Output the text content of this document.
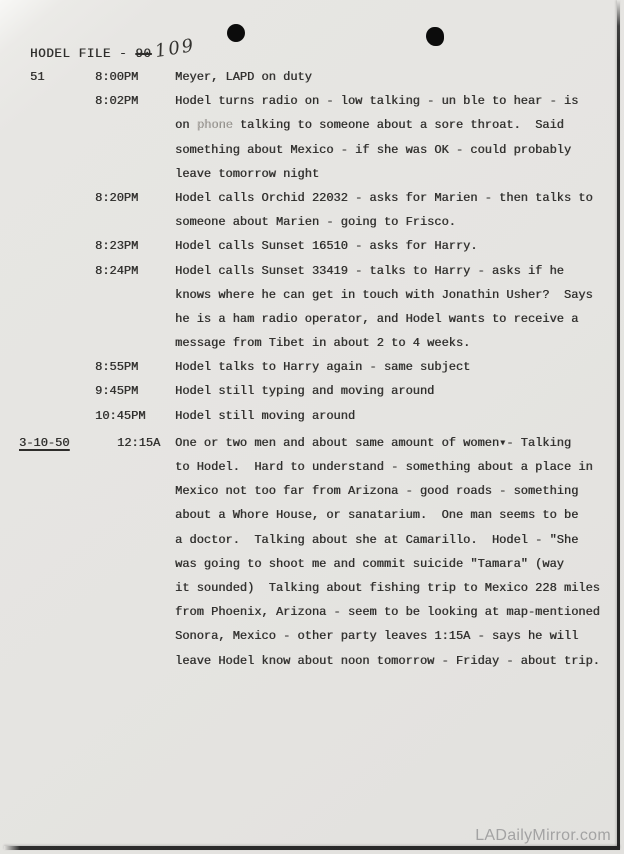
HODEL FILE - 90109
51	8:00PM	Meyer, LAPD on duty
8:02PM	Hodel turns radio on - low talking - un ble to hear - is
on phone talking to someone about a sore throat.  Said
something about Mexico - if she was OK - could probably
leave tomorrow night
8:20PM	Hodel calls Orchid 22032 - asks for Marien - then talks to
someone about Marien - going to Frisco.
8:23PM	Hodel calls Sunset 16510 - asks for Harry.
8:24PM	Hodel calls Sunset 33419 - talks to Harry - asks if he
knows where he can get in touch with Jonathin Usher?  Says
he is a ham radio operator, and Hodel wants to receive a
message from Tibet in about 2 to 4 weeks.
8:55PM	Hodel talks to Harry again - same subject
9:45PM	Hodel still typing and moving around
10:45PM Hodel still moving around
3-10-50	12:15A One or two men and about same amount of women▾- Talking
to Hodel.  Hard to understand - something about a place in
Mexico not too far from Arizona - good roads - something
about a Whore House, or sanatarium.  One man seems to be
a doctor.  Talking about she at Camarillo.  Hodel - "She
was going to shoot me and commit suicide "Tamara" (way
it sounded)  Talking about fishing trip to Mexico 228 miles
from Phoenix, Arizona - seem to be looking at map-mentioned
Sonora, Mexico - other party leaves 1:15A - says he will
leave Hodel know about noon tomorrow - Friday - about trip.
LADailyMirror.com
